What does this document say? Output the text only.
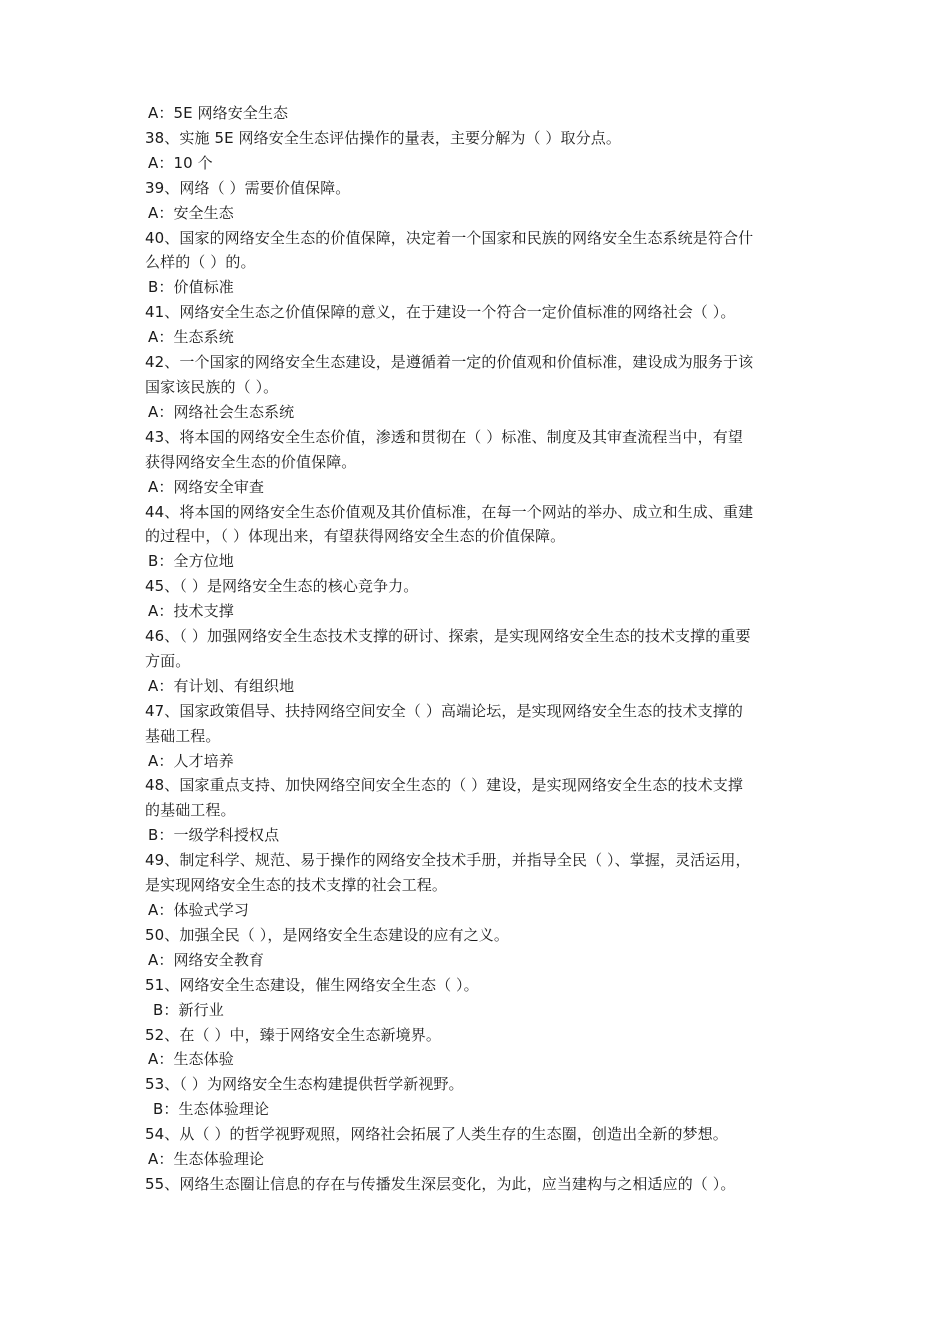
A：5E 网络安全生态
38、实施 5E 网络安全生态评估操作的量表，主要分解为（ ）取分点。
A：10 个
39、网络（ ）需要价值保障。
A：安全生态
40、国家的网络安全生态的价值保障，决定着一个国家和民族的网络安全生态系统是符合什
么样的（ ）的。
B：价值标准
41、网络安全生态之价值保障的意义，在于建设一个符合一定价值标准的网络社会（ ）。
A：生态系统
42、一个国家的网络安全生态建设，是遵循着一定的价值观和价值标准，建设成为服务于该
国家该民族的（ ）。
A：网络社会生态系统
43、将本国的网络安全生态价值，渗透和贯彻在（ ）标准、制度及其审查流程当中，有望
获得网络安全生态的价值保障。
A：网络安全审查
44、将本国的网络安全生态价值观及其价值标准，在每一个网站的举办、成立和生成、重建
的过程中，（ ）体现出来，有望获得网络安全生态的价值保障。
B：全方位地
45、（ ）是网络安全生态的核心竞争力。
A：技术支撑
46、（ ）加强网络安全生态技术支撑的研讨、探索，是实现网络安全生态的技术支撑的重要
方面。
A：有计划、有组织地
47、国家政策倡导、扶持网络空间安全（ ）高端论坛，是实现网络安全生态的技术支撑的
基础工程。
A：人才培养
48、国家重点支持、加快网络空间安全生态的（ ）建设，是实现网络安全生态的技术支撑
的基础工程。
B：一级学科授权点
49、制定科学、规范、易于操作的网络安全技术手册，并指导全民（ ）、掌握，灵活运用，
是实现网络安全生态的技术支撑的社会工程。
A：体验式学习
50、加强全民（ ），是网络安全生态建设的应有之义。
A：网络安全教育
51、网络安全生态建设，催生网络安全生态（ ）。
B：新行业
52、在（ ）中，臻于网络安全生态新境界。
A：生态体验
53、（ ）为网络安全生态构建提供哲学新视野。
B：生态体验理论
54、从（ ）的哲学视野观照，网络社会拓展了人类生存的生态圈，创造出全新的梦想。
A：生态体验理论
55、网络生态圈让信息的存在与传播发生深层变化，为此，应当建构与之相适应的（ ）。
